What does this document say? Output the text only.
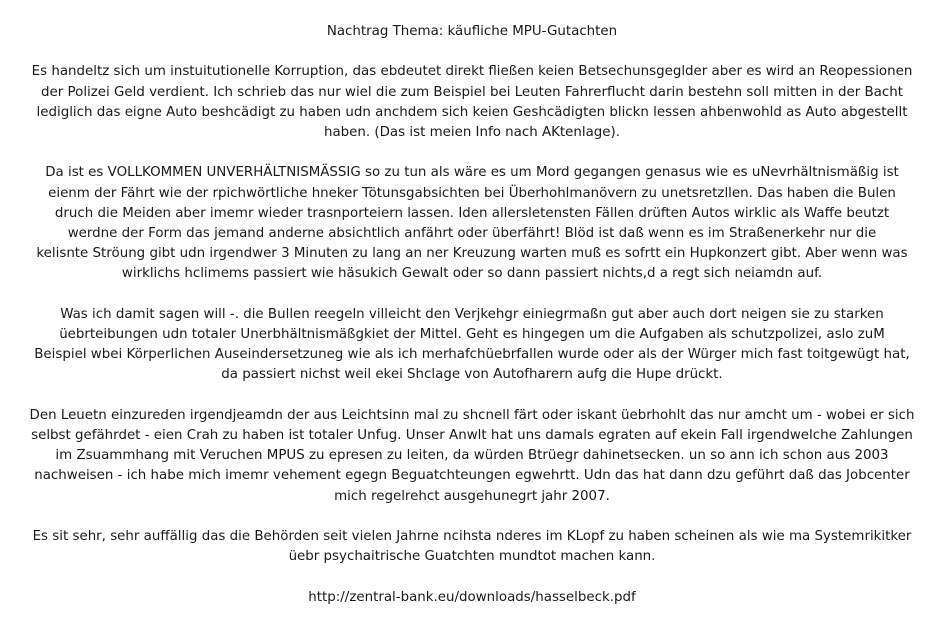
Nachtrag Thema: käufliche MPU-Gutachten

Es handeltz sich um instuitutionelle Korruption, das ebdeutet direkt fließen keien Betsechunsgeglder aber es wird an Reopessionen
der Polizei Geld verdient. Ich schrieb das nur wiel die zum Beispiel bei Leuten Fahrerflucht darin bestehn soll mitten in der Bacht
lediglich das eigne Auto beshcädigt zu haben udn anchdem sich keien Geshcädigten blickn lessen ahbenwohld as Auto abgestellt
haben. (Das ist meien Info nach AKtenlage).

Da ist es VOLLKOMMEN UNVERHÄLTNISMÄSSIG so zu tun als wäre es um Mord gegangen genasus wie es uNevrhältnismäßig ist
eienm der Fährt wie der rpichwörtliche hneker Tötunsgabsichten bei Überhohlmanövern zu unetsretzllen. Das haben die Bulen
druch die Meiden aber imemr wieder trasnporteiern lassen. Iden allersletensten Fällen drüften Autos wirklic als Waffe beutzt
werdne der Form das jemand anderne absichtlich anfährt oder überfährt! Blöd ist daß wenn es im Straßenerkehr nur die
kelisnte Ströung gibt udn irgendwer 3 Minuten zu lang an ner Kreuzung warten muß es sofrtt ein Hupkonzert gibt. Aber wenn was
wirklichs hclimems passiert wie häsukich Gewalt oder so dann passiert nichts,d a regt sich neiamdn auf.

Was ich damit sagen will -. die Bullen reegeln villeicht den Verjkehgr einiegrmaßn gut aber auch dort neigen sie zu starken
üebrteibungen udn totaler Unerbhältnismäßgkiet der Mittel. Geht es hingegen um die Aufgaben als schutzpolizei, aslo zuM
Beispiel wbei Körperlichen Auseindersetzuneg wie als ich merhafchüebrfallen wurde oder als der Würger mich fast toitgewügt hat,
da passiert nichst weil ekei Shclage von Autofharern aufg die Hupe drückt.

Den Leuetn einzureden irgendjeamdn der aus Leichtsinn mal zu shcnell färt oder iskant üebrhohlt das nur amcht um - wobei er sich
selbst gefährdet - eien Crah zu haben ist totaler Unfug. Unser Anwlt hat uns damals egraten auf ekein Fall irgendwelche Zahlungen
im Zsuammhang mit Veruchen MPUS zu epresen zu leiten, da würden Btrüegr dahinetsecken. un so ann ich schon aus 2003
nachweisen - ich habe mich imemr vehement egegn Beguatchteungen egwehrtt. Udn das hat dann dzu geführt daß das Jobcenter
mich regelrehct ausgehunegrt jahr 2007.

Es sit sehr, sehr auffällig das die Behörden seit vielen Jahrne ncihsta nderes im KLopf zu haben scheinen als wie ma Systemrikitker
üebr psychaitrische Guatchten mundtot machen kann.

http://zentral-bank.eu/downloads/hasselbeck.pdf
